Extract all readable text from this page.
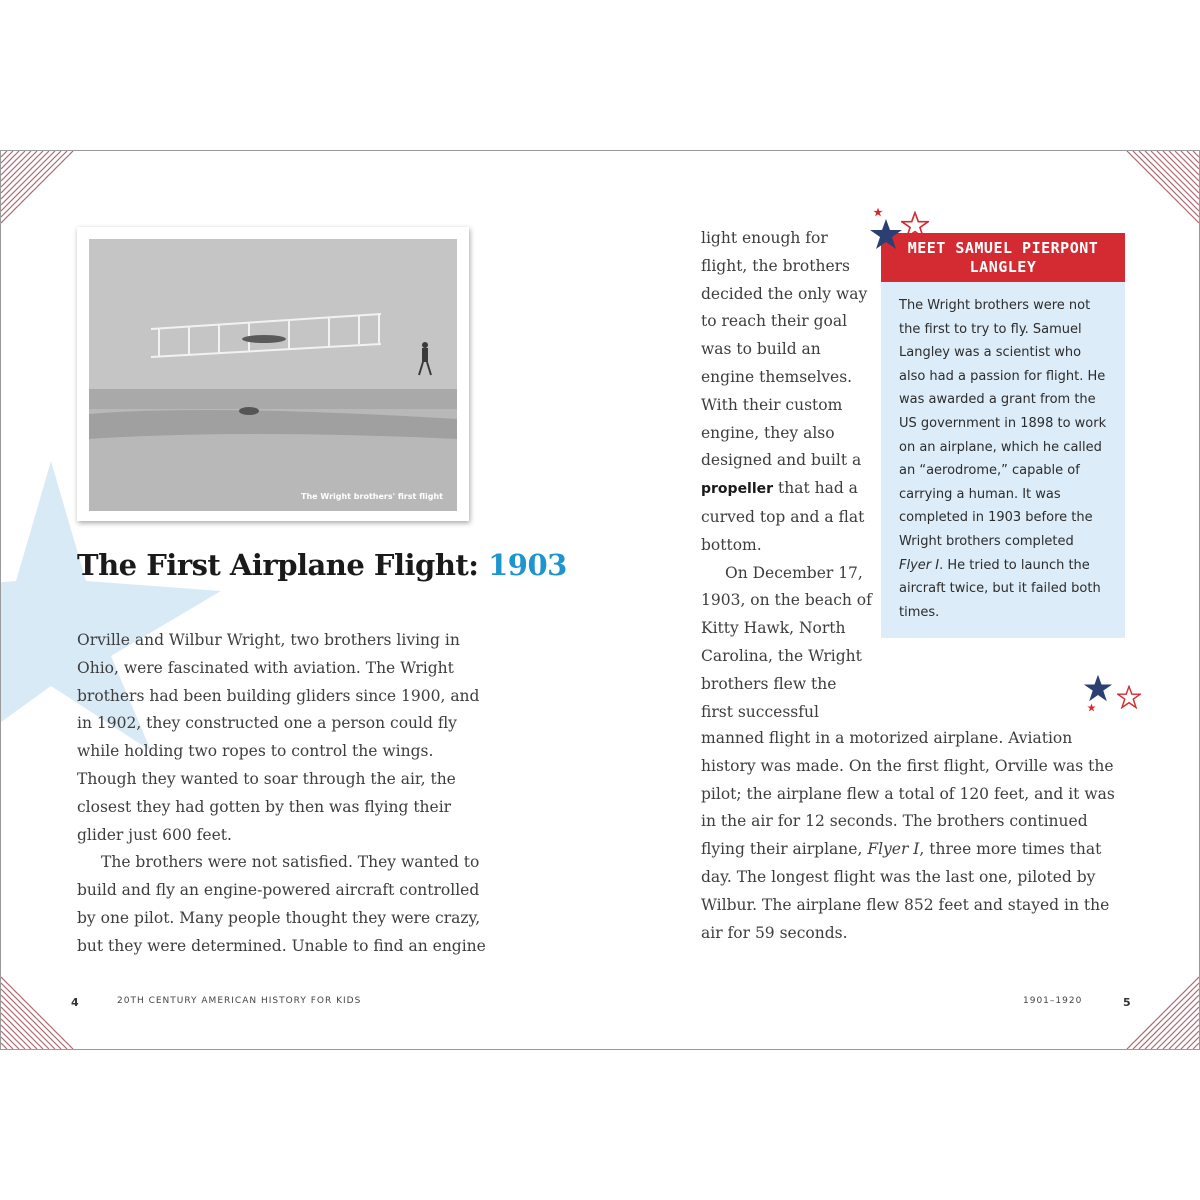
The Wright brothers' first flight
The First Airplane Flight: 1903

Orville and Wilbur Wright, two brothers living in Ohio, were fascinated with aviation. The Wright brothers had been building gliders since 1900, and in 1902, they constructed one a person could fly while holding two ropes to control the wings. Though they wanted to soar through the air, the closest they had gotten by then was flying their glider just 600 feet.

The brothers were not satisfied. They wanted to build and fly an engine-powered aircraft controlled by one pilot. Many people thought they were crazy, but they were determined. Unable to find an engine

light enough for flight, the brothers decided the only way to reach their goal was to build an engine themselves. With their custom engine, they also designed and built a propeller that had a curved top and a flat bottom.

On December 17, 1903, on the beach of Kitty Hawk, North Carolina, the Wright brothers flew the first successful

manned flight in a motorized airplane. Aviation history was made. On the first flight, Orville was the pilot; the airplane flew a total of 120 feet, and it was in the air for 12 seconds. The brothers continued flying their airplane, Flyer I, three more times that day. The longest flight was the last one, piloted by Wilbur. The airplane flew 852 feet and stayed in the air for 59 seconds.

MEET SAMUEL PIERPONT LANGLEY

The Wright brothers were not the first to try to fly. Samuel Langley was a scientist who also had a passion for flight. He was awarded a grant from the US government in 1898 to work on an airplane, which he called an “aerodrome,” capable of carrying a human. It was completed in 1903 before the Wright brothers completed Flyer I. He tried to launch the aircraft twice, but it failed both times.

4	20TH CENTURY AMERICAN HISTORY FOR KIDS	1901–1920	5
